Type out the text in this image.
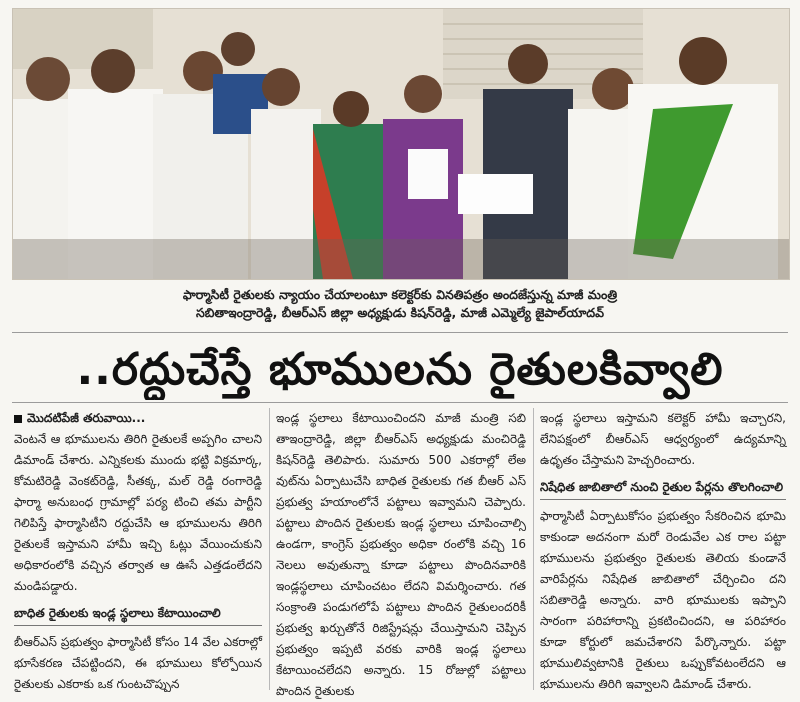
ఫార్మాసిటీ రైతులకు న్యాయం చేయాలంటూ కలెక్టర్‌కు వినతిపత్రం అందజేస్తున్న మాజీ మంత్రి
సబితాఇంద్రారెడ్డి, బీఆర్ఎస్ జిల్లా అధ్యక్షుడు కిషన్‌రెడ్డి, మాజీ ఎమ్మెల్యే జైపాల్‌యాదవ్
..రద్దుచేస్తే భూములను రైతులకివ్వాలి
మొదటిపేజీ తరువాయి...

వెంటనే ఆ భూములను తిరిగి రైతులకే అప్పగిం చాలని డిమాండ్ చేశారు. ఎన్నికలకు ముందు భట్టి విక్రమార్క, కోమటిరెడ్డి వెంకట్‌రెడ్డి, సీతక్క, మల్ రెడ్డి రంగారెడ్డి ఫార్మా అనుబంధ గ్రామాల్లో పర్య టించి తమ పార్టీని గెలిపిస్తే ఫార్మాసిటీని రద్దుచేసి ఆ భూములను తిరిగి రైతులకే ఇస్తామని హామీ ఇచ్చి ఓట్లు వేయించుకుని అధికారంలోకి వచ్చిన తర్వాత ఆ ఊసే ఎత్తడంలేదని మండిపడ్డారు.

బాధిత రైతులకు ఇండ్ల స్థలాలు కేటాయించాలి

బీఆర్ఎస్ ప్రభుత్వం ఫార్మాసిటీ కోసం 14 వేల ఎకరాల్లో భూసేకరణ చేపట్టిందని, ఈ భూములు కోల్పోయిన రైతులకు ఎకరాకు ఒక గుంటచొప్పున

ఇండ్ల స్థలాలు కేటాయించిందని మాజీ మంత్రి సబి తాఇంద్రారెడ్డి, జిల్లా బీఆర్ఎస్ అధ్యక్షుడు మంచిరెడ్డి కిషన్‌రెడ్డి తెలిపారు. సుమారు 500 ఎకరాల్లో లేఅ వుట్‌ను ఏర్పాటుచేసి బాధిత రైతులకు గత బీఆర్ ఎస్ ప్రభుత్వ హయాంలోనే పట్టాలు ఇవ్వామని చెప్పారు. పట్టాలు పొందిన రైతులకు ఇండ్ల స్థలాలు చూపించాల్సి ఉండగా, కాంగ్రెస్ ప్రభుత్వం అధికా రంలోకి వచ్చి 16 నెలలు అవుతున్నా కూడా పట్టాలు పొందినవారికి ఇండ్లస్థలాలు చూపించటం లేదని విమర్శించారు. గత సంక్రాంతి పండుగలోపే పట్టాలు పొందిన రైతులందరికీ ప్రభుత్వ ఖర్చుతోనే రిజిస్ట్రేషన్లు చేయిస్తామని చెప్పిన ప్రభుత్వం ఇప్పటి వరకు వారికి ఇండ్ల స్థలాలు కేటాయించలేదని అన్నారు. 15 రోజుల్లో పట్టాలు పొందిన రైతులకు

ఇండ్ల స్థలాలు ఇస్తామని కలెక్టర్ హామీ ఇచ్చారని, లేనిపక్షంలో బీఆర్ఎస్ ఆధ్వర్యంలో ఉద్యమాన్ని ఉధృతం చేస్తామని హెచ్చరించారు.

నిషేధిత జాబితాలో నుంచి రైతుల పేర్లను తొలగించాలి

ఫార్మాసిటీ ఏర్పాటుకోసం ప్రభుత్వం సేకరించిన భూమి కాకుండా అదనంగా మరో రెండువేల ఎక రాల పట్టా భూములను ప్రభుత్వం రైతులకు తెలియ కుండానే వారిపేర్లను నిషేధిత జాబితాలో చేర్చించిం దని సబితారెడ్డి అన్నారు. వారి భూములకు ఇప్పాని సారంగా పరిహారాన్ని ప్రకటించిందని, ఆ పరిహారం కూడా కోర్టులో జమచేశారని పేర్కొన్నారు. పట్టా భూములివ్వటానికి రైతులు ఒప్పుకోవటంలేదని ఆ భూములను తిరిగి ఇవ్వాలని డిమాండ్ చేశారు.
